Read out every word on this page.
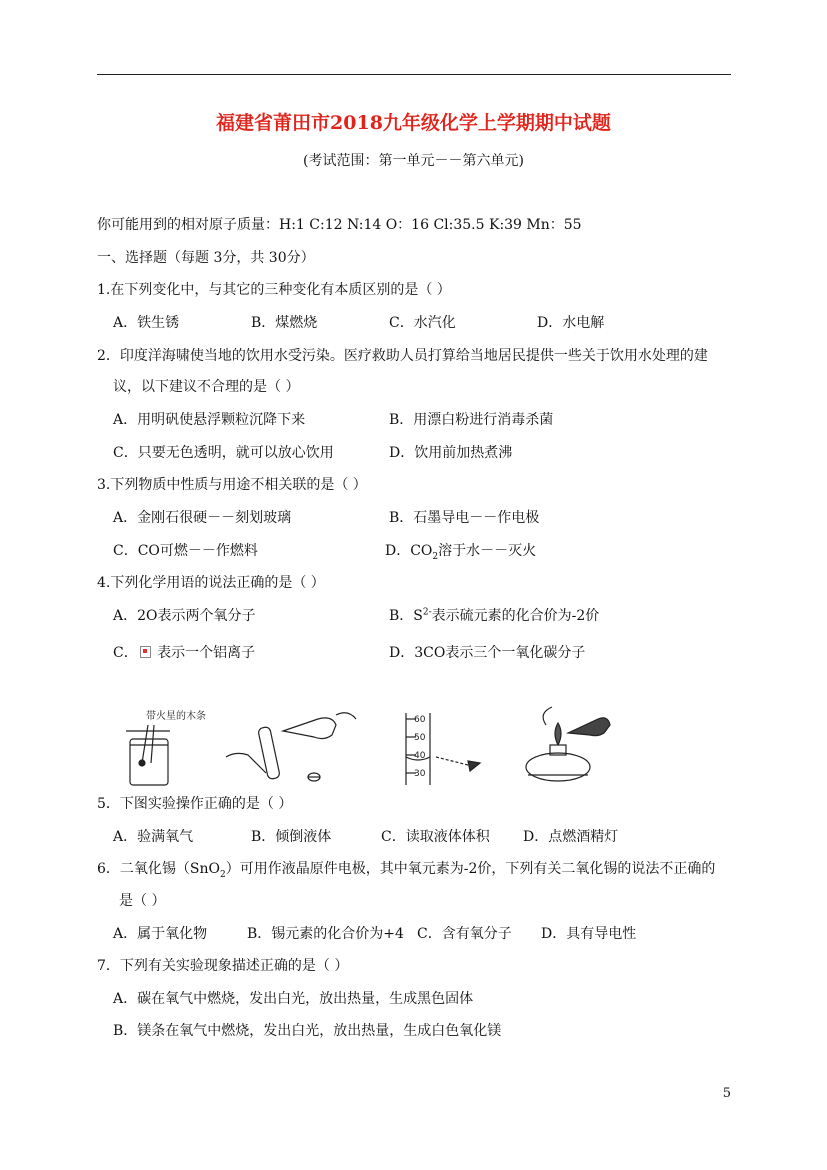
福建省莆田市2018九年级化学上学期期中试题
(考试范围：第一单元－－第六单元)
你可能用到的相对原子质量：H:1 C:12 N:14 O：16 Cl:35.5 K:39 Mn：55
一、选择题（每题 3分，共 30分）
1.在下列变化中，与其它的三种变化有本质区别的是（ ）
A．铁生锈	B．煤燃烧	C．水汽化	D．水电解
2．印度洋海啸使当地的饮用水受污染。医疗救助人员打算给当地居民提供一些关于饮用水处理的建
议，以下建议不合理的是（ ）
A．用明矾使悬浮颗粒沉降下来	B．用漂白粉进行消毒杀菌
C．只要无色透明，就可以放心饮用	D．饮用前加热煮沸
3.下列物质中性质与用途不相关联的是（ ）
A．金刚石很硬－－刻划玻璃	B．石墨导电－－作电极
C．CO可燃－－作燃料	D．$CO_2$溶于水－－灭火
4.下列化学用语的说法正确的是（ ）
A．2O表示两个氧分子	B．$S^{2-}$表示硫元素的化合价为-2价
C． 表示一个铝离子	D．3CO表示三个一氧化碳分子
带火星的木条	60
50
40
30
5．下图实验操作正确的是（ ）
A．验满氧气	B．倾倒液体	C．读取液体体积 D．点燃酒精灯
6．二氧化锡（SnO$_2$）可用作液晶原件电极，其中氧元素为-2价，下列有关二氧化锡的说法不正确的
是（ ）
A．属于氧化物	B．锡元素的化合价为+4 C．含有氧分子 D．具有导电性
7．下列有关实验现象描述正确的是（ ）
A．碳在氧气中燃烧，发出白光，放出热量，生成黑色固体
B．镁条在氧气中燃烧，发出白光，放出热量，生成白色氧化镁
5
